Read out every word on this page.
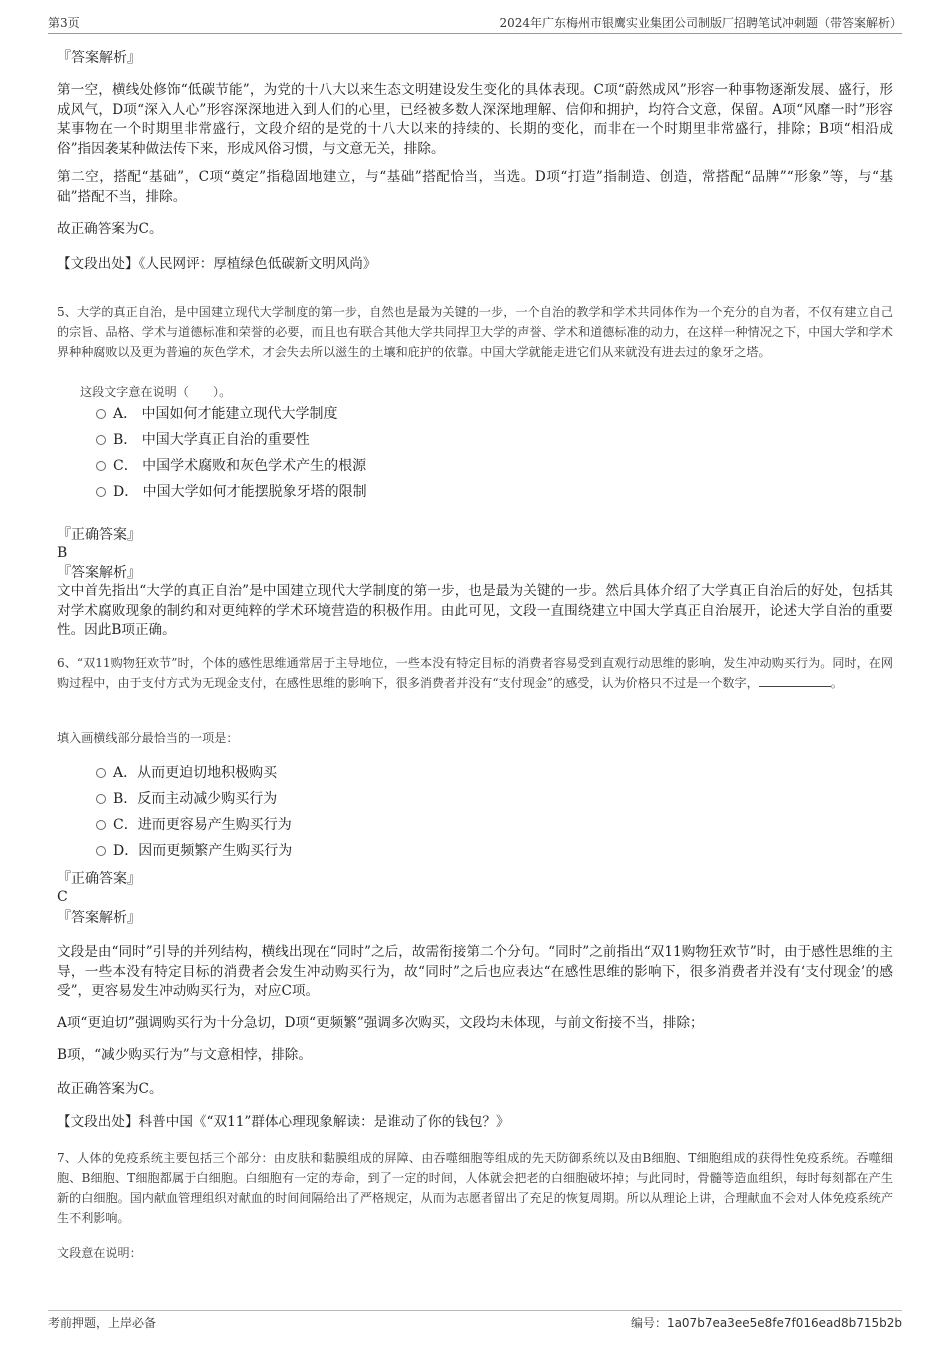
第3页	2024年广东梅州市银鹰实业集团公司制版厂招聘笔试冲刺题（带答案解析）

『答案解析』

第一空，横线处修饰“低碳节能”，为党的十八大以来生态文明建设发生变化的具体表现。C项“蔚然成风”形容一种事物逐渐发展、盛行，形成风气，D项“深入人心”形容深深地进入到人们的心里，已经被多数人深深地理解、信仰和拥护，均符合文意，保留。A项“风靡一时”形容某事物在一个时期里非常盛行，文段介绍的是党的十八大以来的持续的、长期的变化，而非在一个时期里非常盛行，排除；B项“相沿成俗”指因袭某种做法传下来，形成风俗习惯，与文意无关，排除。

第二空，搭配“基础”，C项“奠定”指稳固地建立，与“基础”搭配恰当，当选。D项“打造”指制造、创造，常搭配“品牌”“形象”等，与“基础”搭配不当，排除。

故正确答案为C。

【文段出处】《人民网评：厚植绿色低碳新文明风尚》

5、大学的真正自治，是中国建立现代大学制度的第一步，自然也是最为关键的一步，一个自治的教学和学术共同体作为一个充分的自为者，不仅有建立自己的宗旨、品格、学术与道德标准和荣誉的必要，而且也有联合其他大学共同捍卫大学的声誉、学术和道德标准的动力，在这样一种情况之下，中国大学和学术界种种腐败以及更为普遍的灰色学术，才会失去所以滋生的土壤和庇护的依靠。中国大学就能走进它们从来就没有进去过的象牙之塔。

这段文字意在说明（　　）。

A． 中国如何才能建立现代大学制度
B． 中国大学真正自治的重要性
C． 中国学术腐败和灰色学术产生的根源
D． 中国大学如何才能摆脱象牙塔的限制

『正确答案』

B

『答案解析』

文中首先指出“大学的真正自治”是中国建立现代大学制度的第一步，也是最为关键的一步。然后具体介绍了大学真正自治后的好处，包括其对学术腐败现象的制约和对更纯粹的学术环境营造的积极作用。由此可见，文段一直围绕建立中国大学真正自治展开，论述大学自治的重要性。因此B项正确。

6、“双11购物狂欢节”时，个体的感性思维通常居于主导地位，一些本没有特定目标的消费者容易受到直观行动思维的影响，发生冲动购买行为。同时，在网购过程中，由于支付方式为无现金支付，在感性思维的影响下，很多消费者并没有“支付现金”的感受，认为价格只不过是一个数字，	。

填入画横线部分最恰当的一项是：

A．从而更迫切地积极购买
B．反而主动减少购买行为
C．进而更容易产生购买行为
D．因而更频繁产生购买行为

『正确答案』

C

『答案解析』

文段是由“同时”引导的并列结构，横线出现在“同时”之后，故需衔接第二个分句。“同时”之前指出“双11购物狂欢节”时，由于感性思维的主导，一些本没有特定目标的消费者会发生冲动购买行为，故“同时”之后也应表达“在感性思维的影响下，很多消费者并没有‘支付现金’的感受”，更容易发生冲动购买行为，对应C项。

A项“更迫切”强调购买行为十分急切，D项“更频繁”强调多次购买，文段均未体现，与前文衔接不当，排除；

B项，“减少购买行为”与文意相悖，排除。

故正确答案为C。

【文段出处】科普中国《“双11”群体心理现象解读：是谁动了你的钱包？》

7、人体的免疫系统主要包括三个部分：由皮肤和黏膜组成的屏障、由吞噬细胞等组成的先天防御系统以及由B细胞、T细胞组成的获得性免疫系统。吞噬细胞、B细胞、T细胞都属于白细胞。白细胞有一定的寿命，到了一定的时间，人体就会把老的白细胞破坏掉；与此同时，骨髓等造血组织，每时每刻都在产生新的白细胞。国内献血管理组织对献血的时间间隔给出了严格规定，从而为志愿者留出了充足的恢复周期。所以从理论上讲，合理献血不会对人体免疫系统产生不利影响。

文段意在说明：

考前押题，上岸必备	编号：1a07b7ea3ee5e8fe7f016ead8b715b2b
